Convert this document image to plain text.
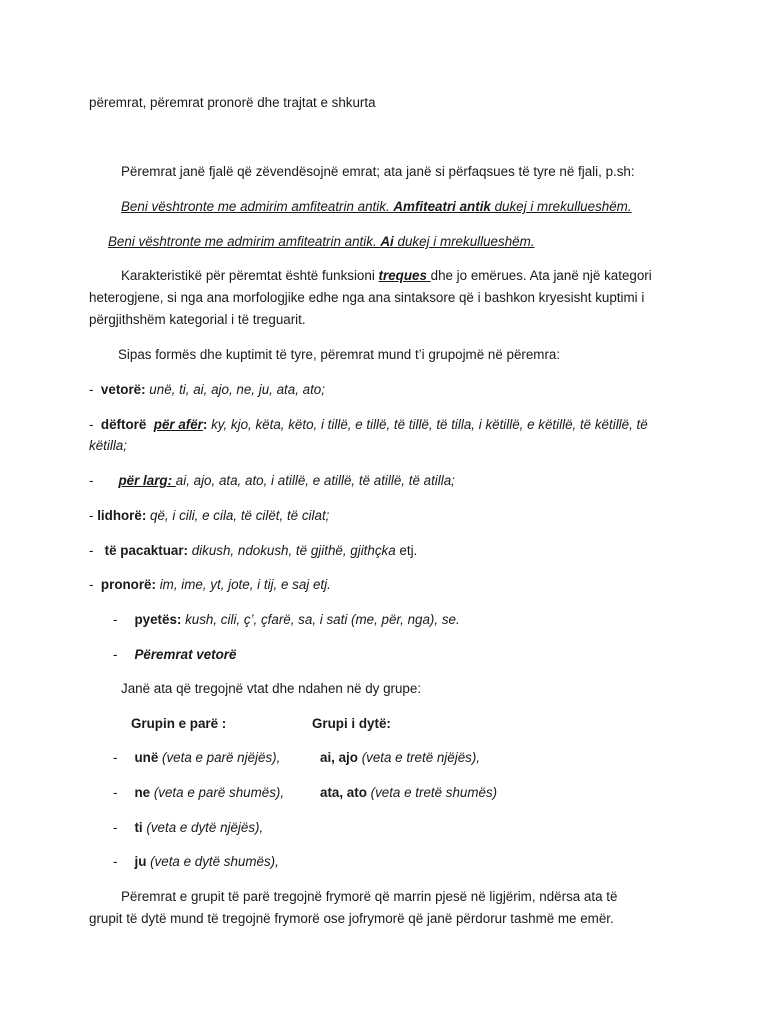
përemrat, përemrat pronorë dhe trajtat e shkurta
Përemrat janë fjalë që zëvendësojnë emrat; ata janë si përfaqsues të tyre në fjali, p.sh:
Beni vështronte me admirim amfiteatrin antik. Amfiteatri antik dukej i mrekullueshëm.
Beni vështronte me admirim amfiteatrin antik. Ai dukej i mrekullueshëm.
Karakteristikë për përemtat është funksioni treques dhe jo emërues. Ata janë një kategori
heterogjene, si nga ana morfologjike edhe nga ana sintaksore që i bashkon kryesisht kuptimi i
përgjithshëm kategorial i të treguarit.
Sipas formës dhe kuptimit të tyre, përemrat mund t’i grupojmë në përemra:
- vetorë: unë, ti, ai, ajo, ne, ju, ata, ato;
- dëftorë për afër: ky, kjo, këta, këto, i tillë, e tillë, të tillë, të tilla, i këtillë, e këtillë, të këtillë, të
këtilla;
- për larg: ai, ajo, ata, ato, i atillë, e atillë, të atillë, të atilla;
- lidhorë: që, i cili, e cila, të cilët, të cilat;
- të pacaktuar: dikush, ndokush, të gjithë, gjithçka etj.
- pronorë: im, ime, yt, jote, i tij, e saj etj.
- pyetës: kush, cili, ç’, çfarë, sa, i sati (me, për, nga), se.
- Përemrat vetorë
Janë ata që tregojnë vtat dhe ndahen në dy grupe:
Grupin e parë :	Grupi i dytë:
- unë (veta e parë njëjës),	ai, ajo (veta e tretë njëjës),
- ne (veta e parë shumës),	ata, ato (veta e tretë shumës)
- ti (veta e dytë njëjës),
- ju (veta e dytë shumës),
Përemrat e grupit të parë tregojnë frymorë që marrin pjesë në ligjërim, ndërsa ata të
grupit të dytë mund të tregojnë frymorë ose jofrymorë që janë përdorur tashmë me emër.
